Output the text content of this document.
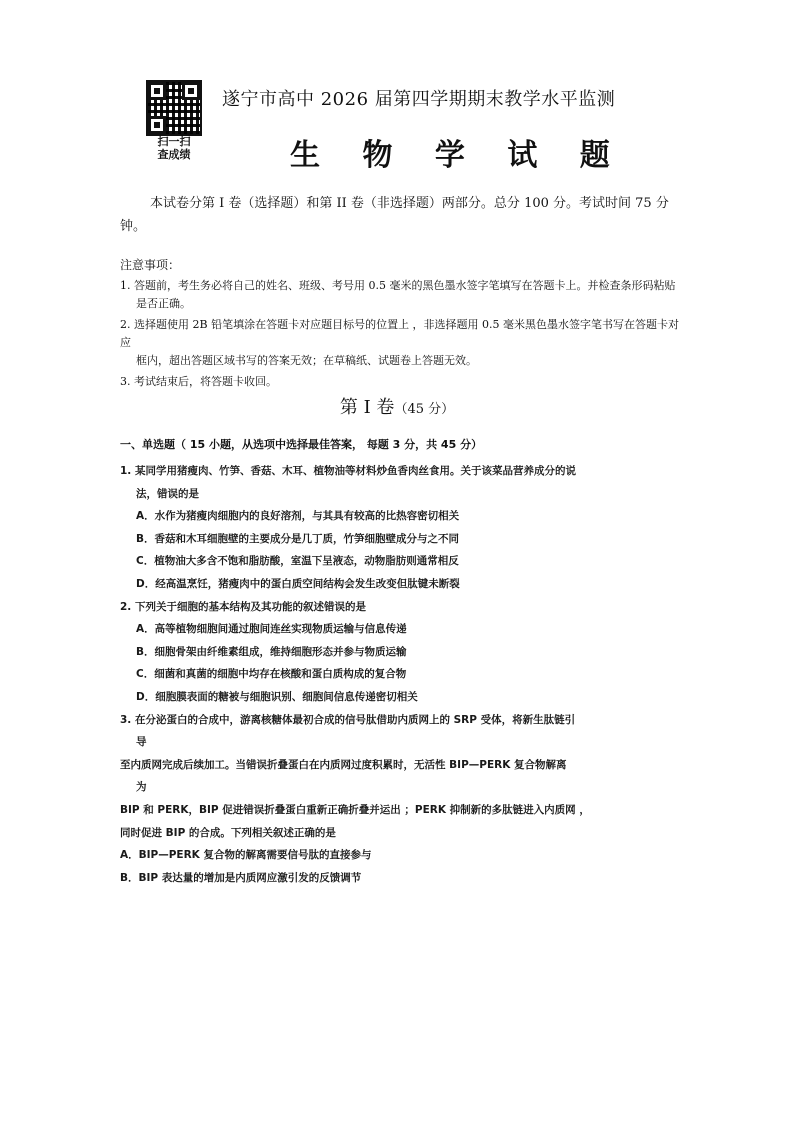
扫一扫
查成绩
遂宁市高中 2026 届第四学期期末教学水平监测
生 物 学 试 题
本试卷分第 I 卷（选择题）和第 II 卷（非选择题）两部分。总分 100 分。考试时间 75 分钟。
注意事项：
1. 答题前，考生务必将自己的姓名、班级、考号用 0.5 毫米的黑色墨水签字笔填写在答题卡上。并检查条形码粘贴
是否正确。
2. 选择题使用 2B 铅笔填涂在答题卡对应题目标号的位置上 ，非选择题用 0.5 毫米黑色墨水签字笔书写在答题卡对应
框内，超出答题区域书写的答案无效；在草稿纸、试题卷上答题无效。
3. 考试结束后，将答题卡收回。
第 Ⅰ 卷（45 分）
一、单选题（ 15 小题，从选项中选择最佳答案， 每题 3 分，共 45 分）
1. 某同学用猪瘦肉、竹笋、香菇、木耳、植物油等材料炒鱼香肉丝食用。关于该菜品营养成分的说
法，错误的是
A．水作为猪瘦肉细胞内的良好溶剂，与其具有较高的比热容密切相关
B．香菇和木耳细胞壁的主要成分是几丁质，竹笋细胞壁成分与之不同
C．植物油大多含不饱和脂肪酸，室温下呈液态，动物脂肪则通常相反
D．经高温烹饪，猪瘦肉中的蛋白质空间结构会发生改变但肽键未断裂
2. 下列关于细胞的基本结构及其功能的叙述错误的是
A．高等植物细胞间通过胞间连丝实现物质运输与信息传递
B．细胞骨架由纤维素组成，维持细胞形态并参与物质运输
C．细菌和真菌的细胞中均存在核酸和蛋白质构成的复合物
D．细胞膜表面的糖被与细胞识别、细胞间信息传递密切相关
3. 在分泌蛋白的合成中，游离核糖体最初合成的信号肽借助内质网上的 SRP 受体，将新生肽链引
导
至内质网完成后续加工。当错误折叠蛋白在内质网过度积累时，无活性 BIP—PERK 复合物解离
为
BIP 和 PERK，BIP 促进错误折叠蛋白重新正确折叠并运出 ；PERK 抑制新的多肽链进入内质网 ，
同时促进 BIP 的合成。下列相关叙述正确的是
A．BIP—PERK 复合物的解离需要信号肽的直接参与
B．BIP 表达量的增加是内质网应激引发的反馈调节
